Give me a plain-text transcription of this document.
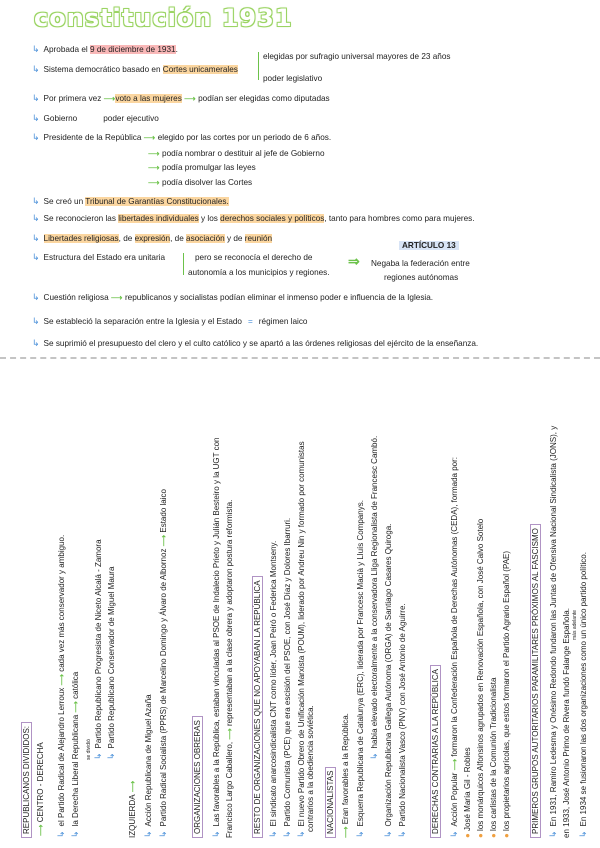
constitución 1931
↳ Aprobada el 9 de diciembre de 1931.
↳ Sistema democrático basado en Cortes unicamerales
elegidas por sufragio universal mayores de 23 años
poder legislativo
↳ Por primera vez ⟶voto a las mujeres ⟶ podían ser elegidas como diputadas
↳ Gobierno	poder ejecutivo
↳ Presidente de la República ⟶ elegido por las cortes por un periodo de 6 años.
⟶ podía nombrar o destituir al jefe de Gobierno
⟶ podía promulgar las leyes
⟶ podía disolver las Cortes
↳ Se creó un Tribunal de Garantías Constitucionales.
↳ Se reconocieron las libertades individuales y los derechos sociales y políticos, tanto para hombres como para mujeres.
↳ Libertades religiosas, de expresión, de asociación y de reunión
↳ Estructura del Estado era unitaria	pero se reconocía el derecho de
autonomía a los municipios y regiones.
⇒
ARTÍCULO 13
Negaba la federación entre
regiones autónomas
↳ Cuestión religiosa ⟶ republicanos y socialistas podían eliminar el inmenso poder e influencia de la Iglesia.
↳ Se estableció la separación entre la Iglesia y el Estado = régimen laico
↳ Se suprimió el presupuesto del clero y el culto católico y se apartó a las órdenes religiosas del ejército de la enseñanza.
REPUBLICANOS DIVIDIDOS: ⟶ CENTRO - DERECHA
↳el Partido Radical de Alejandro Lerroux ⟶ cada vez más conservador y ambiguo.
↳la Derecha Liberal Republicana ⟶ católica
se dividió ↳Partido Republicano Progresista de Niceto Alcalá - Zamora
↳Partido Republicano Conservador de Miguel Maura
IZQUIERDA ⟶
↳Acción Republicana de Miguel Azaña
↳Partido Radical Socialista (PPRS) de Marcelino Domingo y Álvaro de Albornoz ⟶ Estado laico
ORGANIZACIONES OBRERAS
↳Las favorables a la República, estaban vinculadas al PSOE de Indalecio Prieto y Julián Besteiro y la UGT con Francisco Largo Caballero, ⟶ representaban a la clase obrera y adoptaron postura reformista. RESTO DE ORGANIZACIONES QUE NO APOYABAN LA REPÚBLICA
↳El sindicato anarcosindicalista CNT como líder, Joan Peiró o Federica Montseny.
↳Partido Comunista (PCE) que era escisión del PSOE, con José Díaz y Dolores Ibarruri.
↳El nuevo Partido Obrero de Unificación Marxista (POUM), liderado por Andreu Nin y formado por comunistas contrarios a la obediencia soviética. NACIONALISTAS ⟶ Eran favorables a la República.
↳Esquerra Republicana de Catalunya (ERC), liderada por Francesc Macià y Lluís Companys. ↳había elevado electoralmente a la conservadora Lliga Regionalista de Francesc Cambó.
↳Organización Republicana Gallega Autónoma (ORGA) de Santiago Casares Quiroga.
↳Partido Nacionalista Vasco (PNV) con José Antonio de Aguirre.	DERECHAS CONTRARIAS A LA REPÚBLICA
↳Acción Popular ⟶ formaron la Confederación Española de Derechas Autónomas (CEDA), formada por:
● José María Gil - Robles
● los monárquicos Alfonsinos agrupados en Renovación Española, con José Calvo Sotelo
● los carlistas de la Comunión Tradicionalista
● los propietarios agrícolas, que estos formaron el Partido Agrario Español (PAE)	PRIMEROS GRUPOS AUTORITARIOS PARAMILITARES PRÓXIMOS AL FASCISMO
↳En 1931, Ramiro Ledesma y Onésimo Redondo fundaron las Juntas de Ofensiva Nacional Sindicalista (JONS), y en 1933, José Antonio Primo de Rivera fundó Falange Española. más adelante
↳En 1934 se fusionaron las dos organizaciones como un único partido político.
